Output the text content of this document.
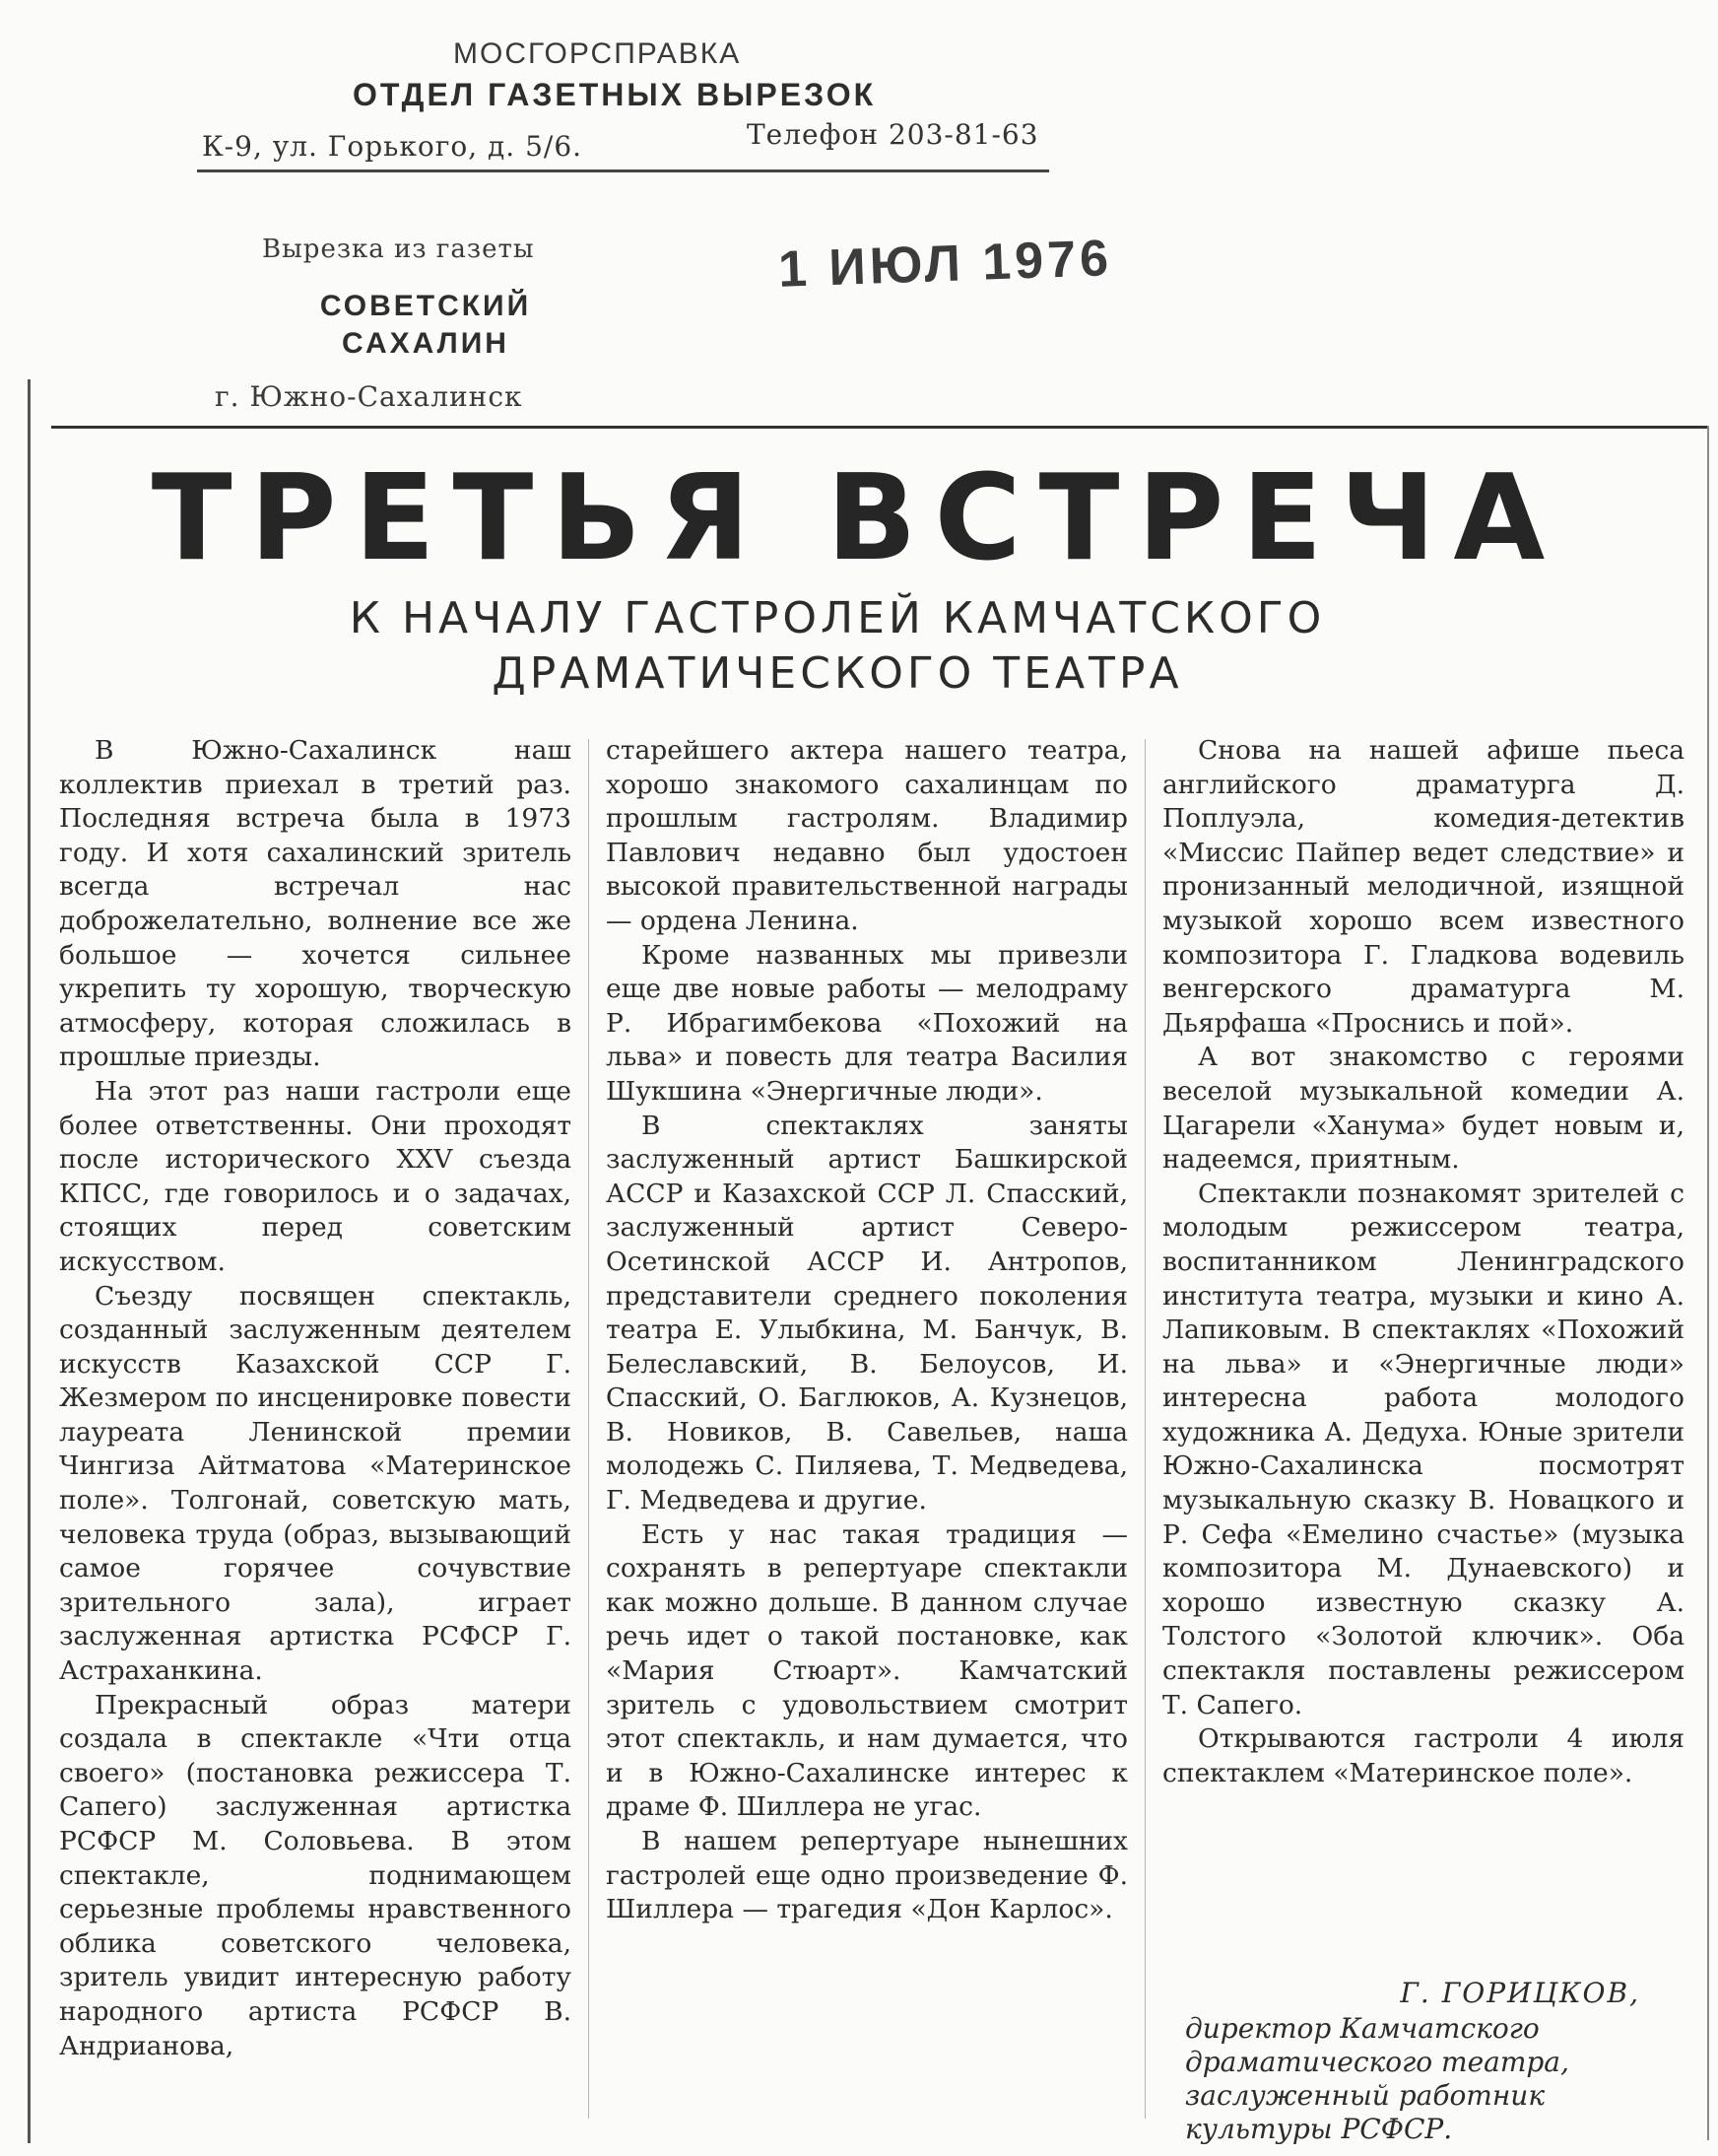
МОСГОРСПРАВКА
ОТДЕЛ ГАЗЕТНЫХ ВЫРЕЗОК
К-9, ул. Горького, д. 5/6.	Телефон 203-81-63
Вырезка из газеты
СОВЕТСКИЙ САХАЛИН
г. Южно-Сахалинск
1 ИЮЛ 1976
ТРЕТЬЯ ВСТРЕЧА
К НАЧАЛУ ГАСТРОЛЕЙ КАМЧАТСКОГО
ДРАМАТИЧЕСКОГО ТЕАТРА

В Южно-Сахалинск наш коллектив приехал в третий раз. Последняя встреча была в 1973 году. И хотя сахалинский зритель всегда встречал нас доброжелательно, волнение все же большое — хочется сильнее укрепить ту хорошую, творческую атмосферу, которая сложилась в прошлые приезды.

На этот раз наши гастроли еще более ответственны. Они проходят после исторического XXV съезда КПСС, где говорилось и о задачах, стоящих перед советским искусством.

Съезду посвящен спектакль, созданный заслуженным деятелем искусств Казахской ССР Г. Жезмером по инсценировке повести лауреата Ленинской премии Чингиза Айтматова «Материнское поле». Толгонай, советскую мать, человека труда (образ, вызывающий самое горячее сочувствие зрительного зала), играет заслуженная артистка РСФСР Г. Астраханкина.

Прекрасный образ матери создала в спектакле «Чти отца своего» (постановка режиссера Т. Сапего) заслуженная артистка РСФСР М. Соловьева. В этом спектакле, поднимающем серьезные проблемы нравственного облика советского человека, зритель увидит интересную работу народного артиста РСФСР В. Андрианова,

старейшего актера нашего театра, хорошо знакомого сахалинцам по прошлым гастролям. Владимир Павлович недавно был удостоен высокой правительственной награды — ордена Ленина.

Кроме названных мы привезли еще две новые работы — мелодраму Р. Ибрагимбекова «Похожий на льва» и повесть для театра Василия Шукшина «Энергичные люди».

В спектаклях заняты заслуженный артист Башкирской АССР и Казахской ССР Л. Спасский, заслуженный артист Северо-Осетинской АССР И. Антропов, представители среднего поколения театра Е. Улыбкина, М. Банчук, В. Белеславский, В. Белоусов, И. Спасский, О. Баглюков, А. Кузнецов, В. Новиков, В. Савельев, наша молодежь С. Пиляева, Т. Медведева, Г. Медведева и другие.

Есть у нас такая традиция — сохранять в репертуаре спектакли как можно дольше. В данном случае речь идет о такой постановке, как «Мария Стюарт». Камчатский зритель с удовольствием смотрит этот спектакль, и нам думается, что и в Южно-Сахалинске интерес к драме Ф. Шиллера не угас.

В нашем репертуаре нынешних гастролей еще одно произведение Ф. Шиллера — трагедия «Дон Карлос».

Снова на нашей афише пьеса английского драматурга Д. Поплуэла, комедия-детектив «Миссис Пайпер ведет следствие» и пронизанный мелодичной, изящной музыкой хорошо всем известного композитора Г. Гладкова водевиль венгерского драматурга М. Дьярфаша «Проснись и пой».

А вот знакомство с героями веселой музыкальной комедии А. Цагарели «Ханума» будет новым и, надеемся, приятным.

Спектакли познакомят зрителей с молодым режиссером театра, воспитанником Ленинградского института театра, музыки и кино А. Лапиковым. В спектаклях «Похожий на льва» и «Энергичные люди» интересна работа молодого художника А. Дедуха. Юные зрители Южно-Сахалинска посмотрят музыкальную сказку В. Новацкого и Р. Сефа «Емелино счастье» (музыка композитора М. Дунаевского) и хорошо известную сказку А. Толстого «Золотой ключик». Оба спектакля поставлены режиссером Т. Сапего.

Открываются гастроли 4 июля спектаклем «Материнское поле».

Г. ГОРИЦКОВ,
директор Камчатского драматического театра, заслуженный работник культуры РСФСР.
